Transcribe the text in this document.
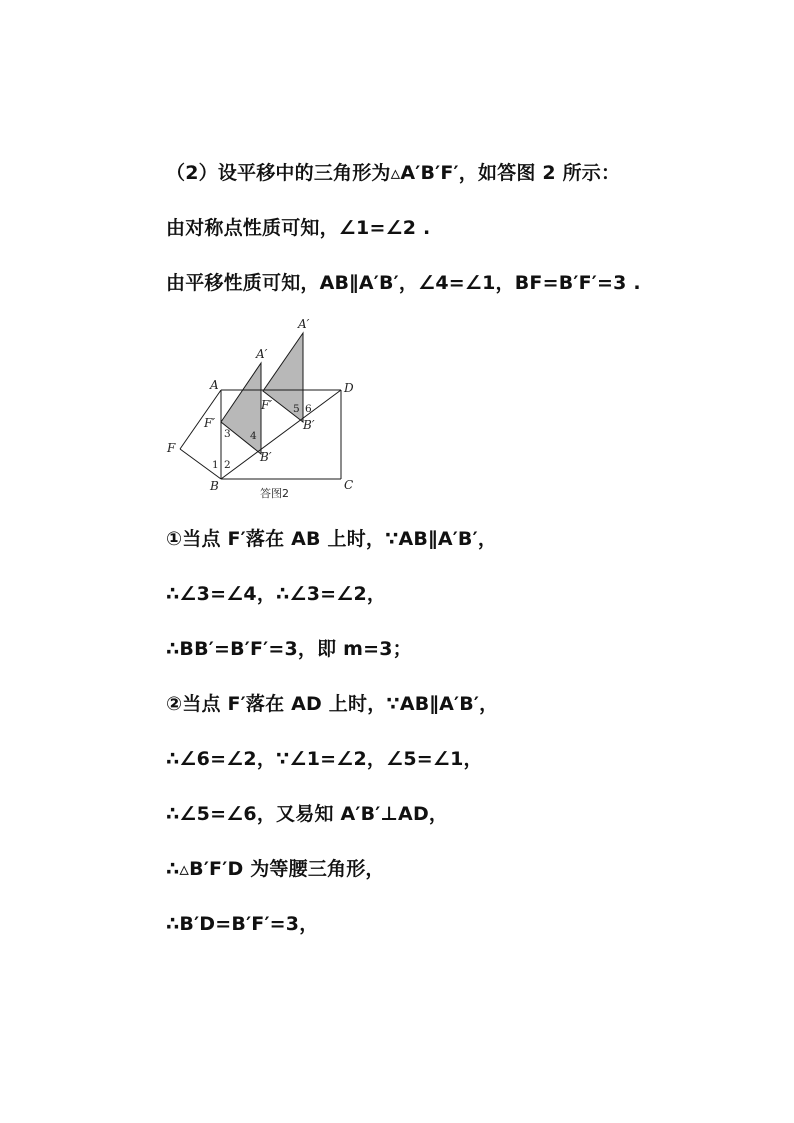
（2）设平移中的三角形为▵A′B′F′，如答图 2 所示：
由对称点性质可知，∠1=∠2 .
由平移性质可知，AB∥A′B′，∠4=∠1，BF=B′F′=3 .
A
B	C
D
F
A′
A′
F′
F′
B′
B′
1 2
3 4
5 6
答图2
①当点 F′落在 AB 上时，∵AB∥A′B′，
∴∠3=∠4，∴∠3=∠2，
∴BB′=B′F′=3，即 m=3；
②当点 F′落在 AD 上时，∵AB∥A′B′，
∴∠6=∠2，∵∠1=∠2，∠5=∠1，
∴∠5=∠6，又易知 A′B′⊥AD，
∴▵B′F′D 为等腰三角形，
∴B′D=B′F′=3，
